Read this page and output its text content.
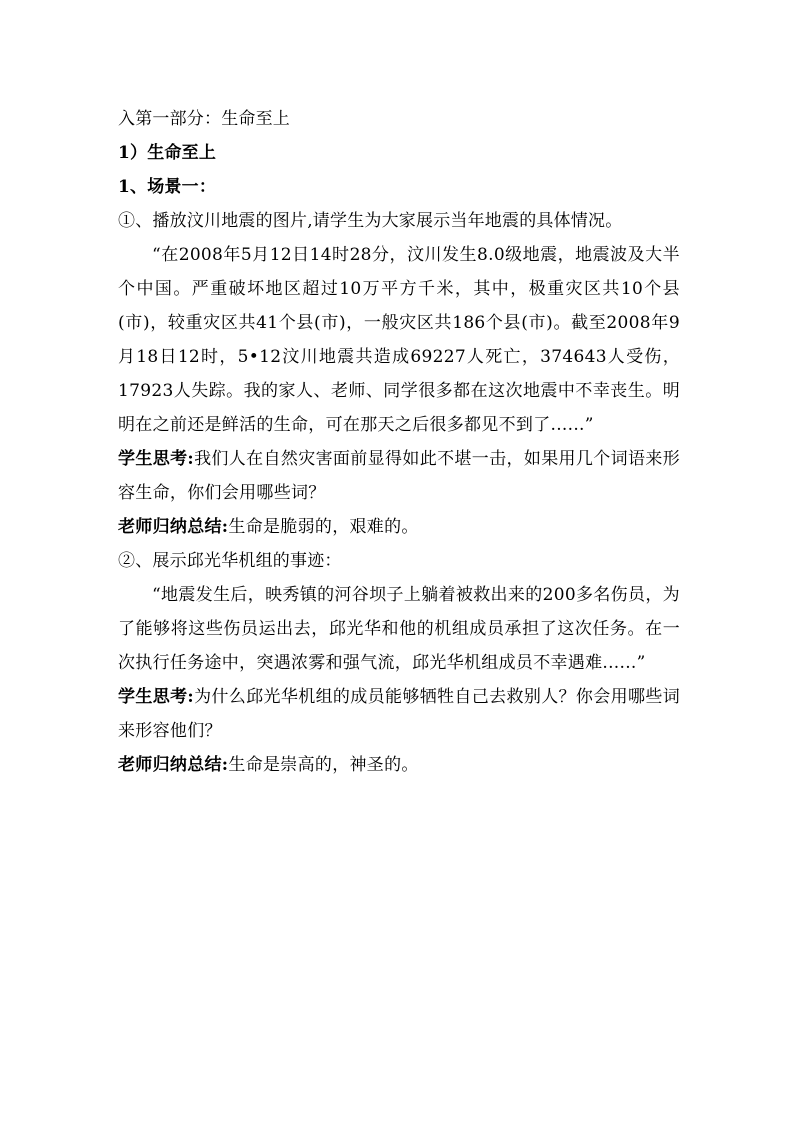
入第一部分：生命至上
1）生命至上
1、场景一：
①、播放汶川地震的图片,请学生为大家展示当年地震的具体情况。
“在2008年5月12日14时28分，汶川发生8.0级地震，地震波及大半个中国。严重破坏地区超过10万平方千米，其中，极重灾区共10个县(市)，较重灾区共41个县(市)，一般灾区共186个县(市)。截至2008年9月18日12时，5•12汶川地震共造成69227人死亡，374643人受伤，17923人失踪。我的家人、老师、同学很多都在这次地震中不幸丧生。明明在之前还是鲜活的生命，可在那天之后很多都见不到了......”
学生思考:我们人在自然灾害面前显得如此不堪一击，如果用几个词语来形容生命，你们会用哪些词？
老师归纳总结:生命是脆弱的，艰难的。
②、展示邱光华机组的事迹：
“地震发生后，映秀镇的河谷坝子上躺着被救出来的200多名伤员，为了能够将这些伤员运出去，邱光华和他的机组成员承担了这次任务。在一次执行任务途中，突遇浓雾和强气流，邱光华机组成员不幸遇难......”
学生思考:为什么邱光华机组的成员能够牺牲自己去救别人？你会用哪些词来形容他们？
老师归纳总结:生命是崇高的，神圣的。
